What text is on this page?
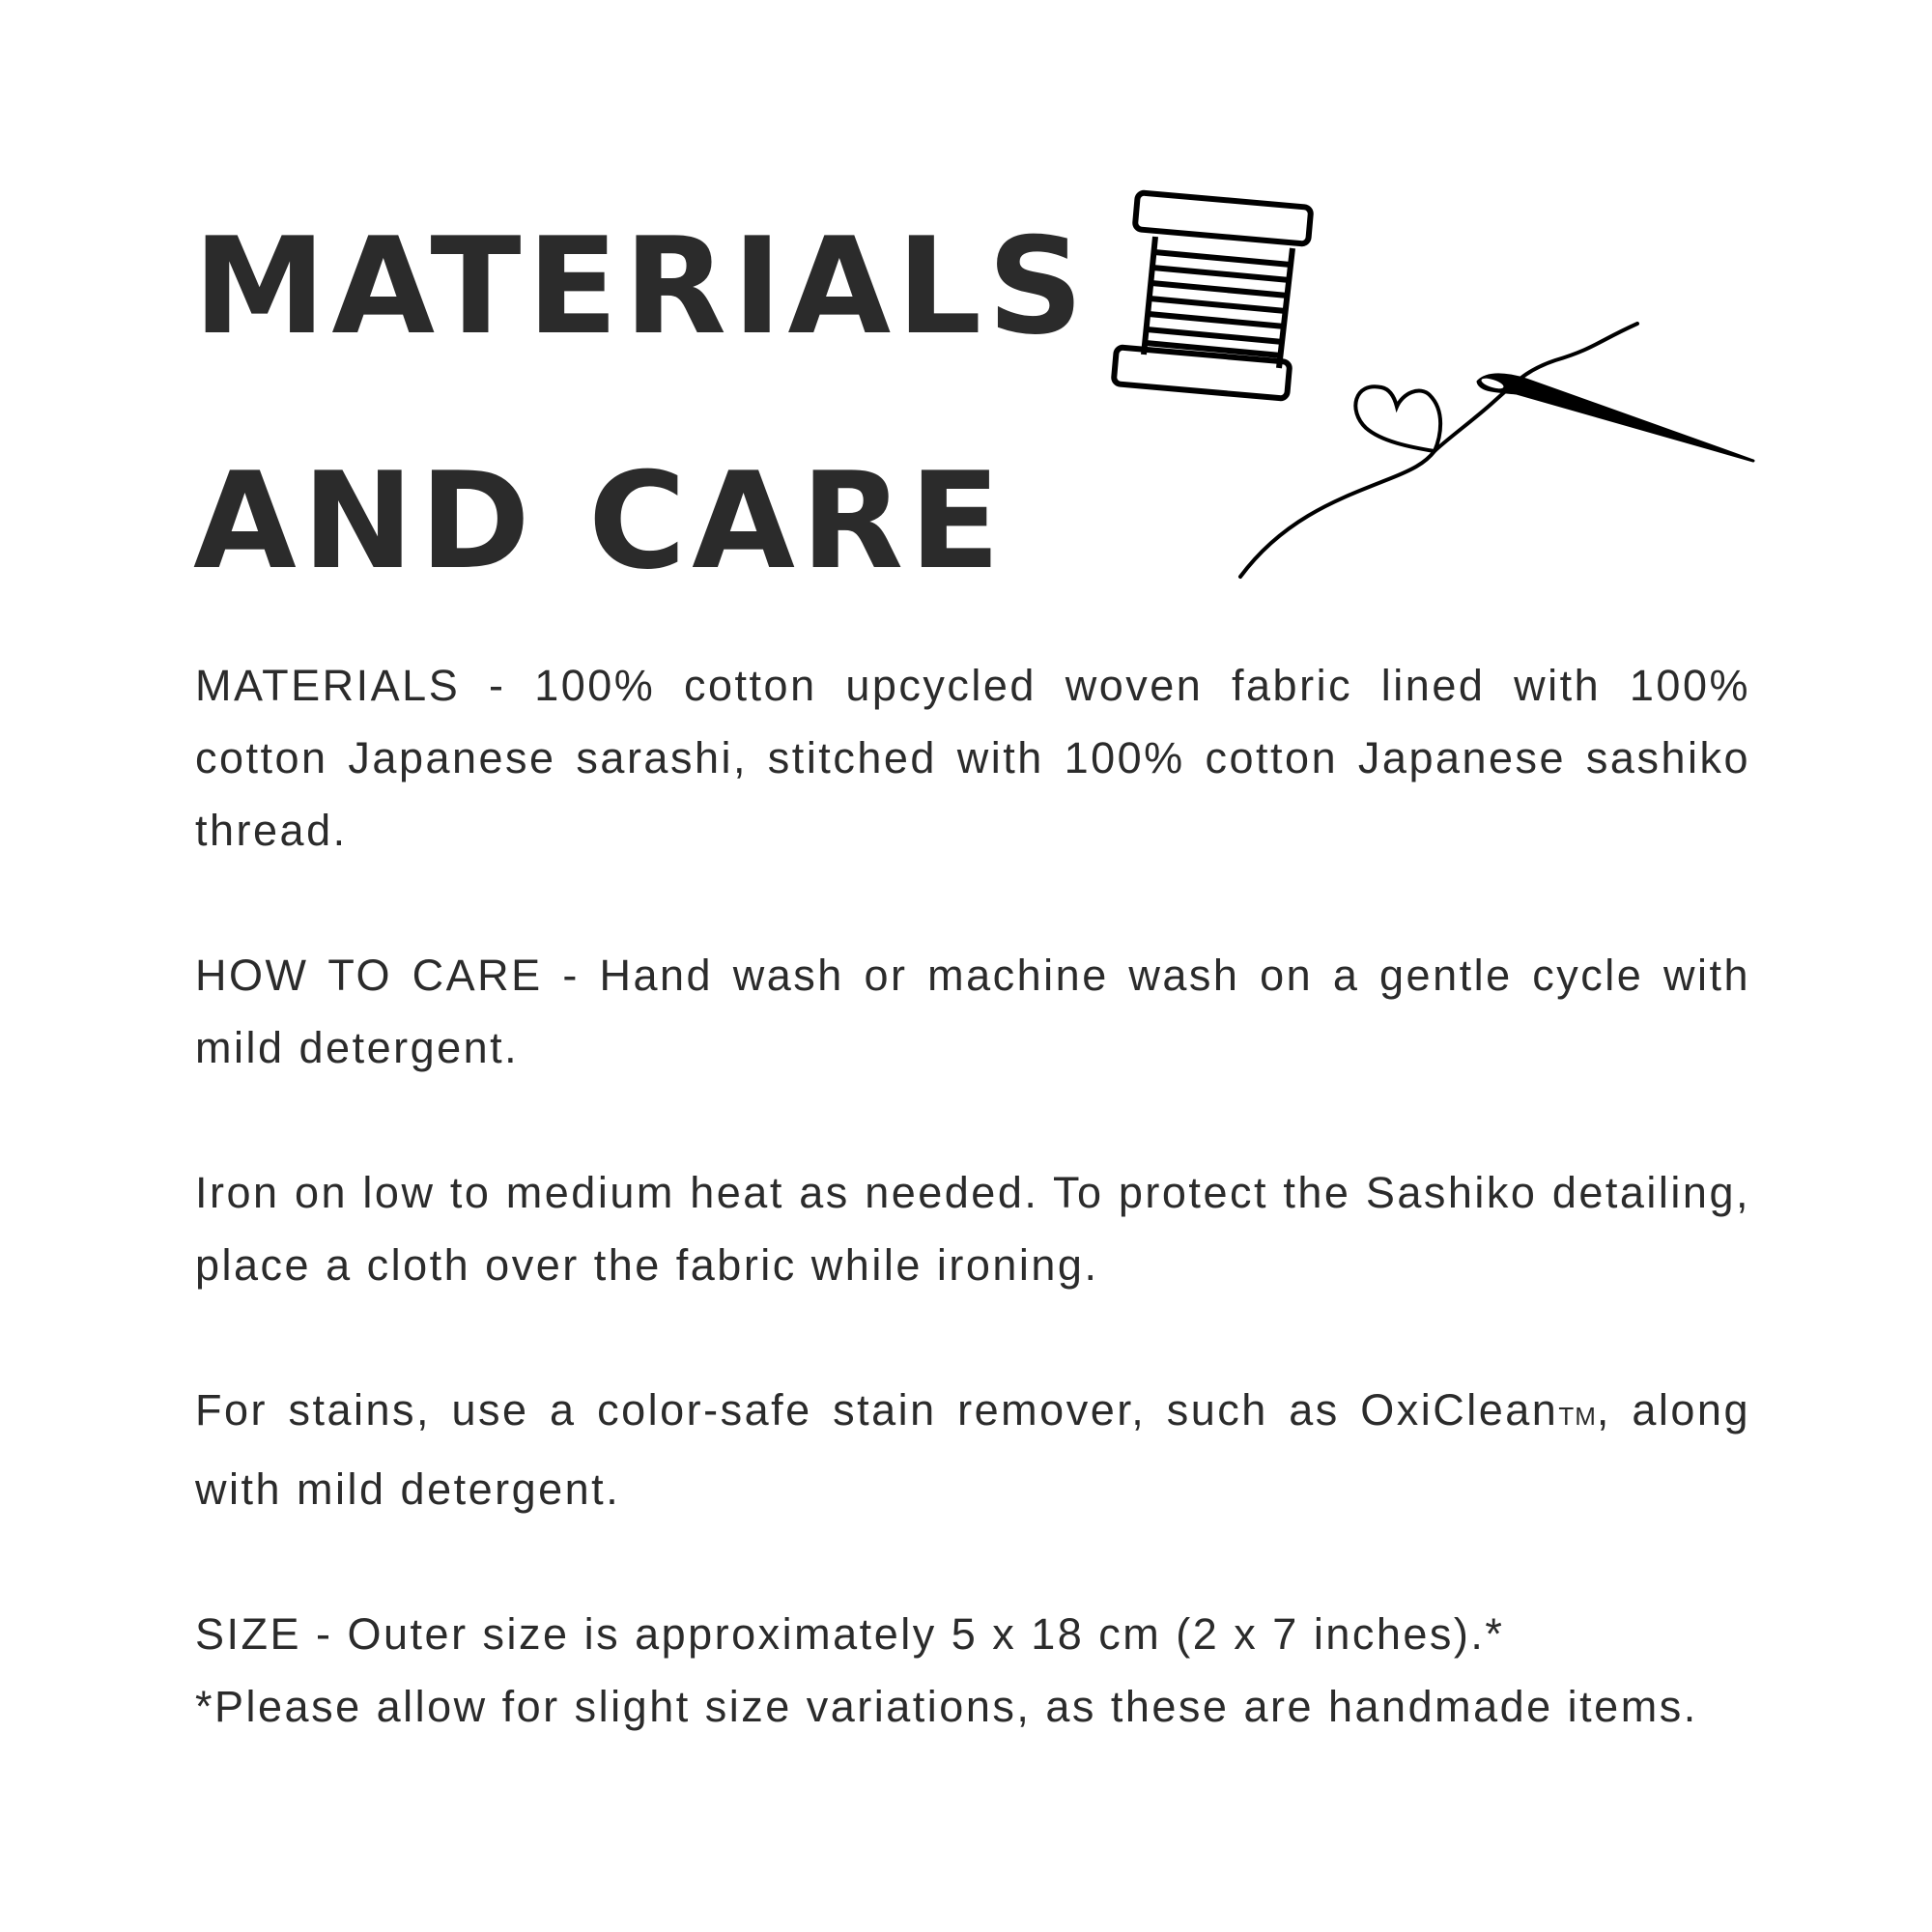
MATERIALS
AND CARE

MATERIALS - 100% cotton upcycled woven fabric lined with 100% cotton Japanese sarashi, stitched with 100% cotton Japanese sashiko thread.

HOW TO CARE - Hand wash or machine wash on a gentle cycle with mild detergent.

Iron on low to medium heat as needed. To protect the Sashiko detailing, place a cloth over the fabric while ironing.

For stains, use a color-safe stain remover, such as OxiCleanTM, along with mild detergent.

SIZE - Outer size is approximately 5 x 18 cm (2 x 7 inches).*

*Please allow for slight size variations, as these are handmade items.
